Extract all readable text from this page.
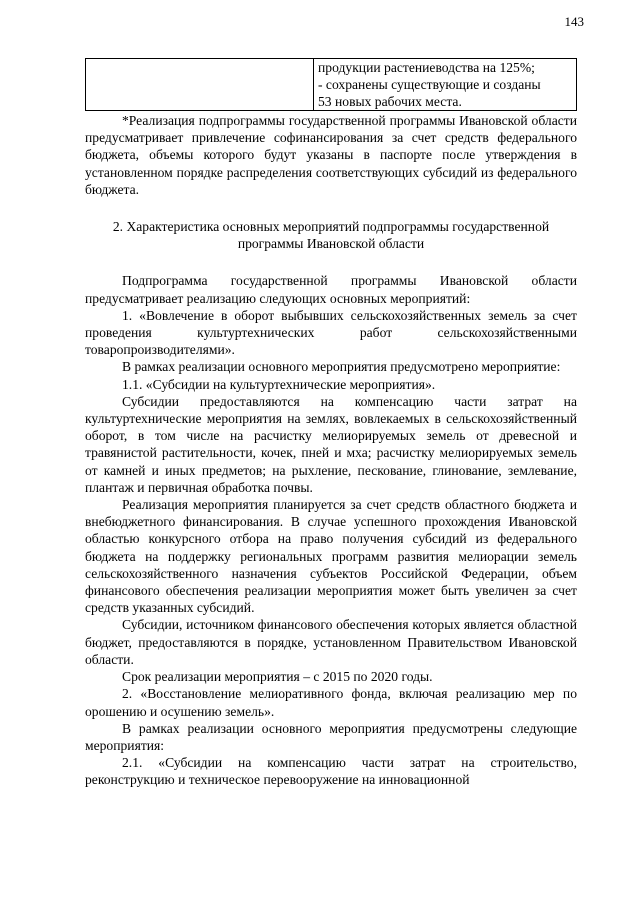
143

продукции растениеводства на 125%;
- сохранены существующие и созданы
53 новых рабочих места.

*Реализация подпрограммы государственной программы Ивановской области предусматривает привлечение софинансирования за счет средств федерального бюджета, объемы которого будут указаны в паспорте после утверждения в установленном порядке распределения соответствующих субсидий из федерального бюджета.

2. Характеристика основных мероприятий подпрограммы государственной программы Ивановской области

Подпрограмма государственной программы Ивановской области предусматривает реализацию следующих основных мероприятий:

1. «Вовлечение в оборот выбывших сельскохозяйственных земель за счет проведения культуртехнических работ сельскохозяйственными товаропроизводителями».

В рамках реализации основного мероприятия предусмотрено мероприятие:

1.1. «Субсидии на культуртехнические мероприятия».

Субсидии предоставляются на компенсацию части затрат на культуртехнические мероприятия на землях, вовлекаемых в сельскохозяйственный оборот, в том числе на расчистку мелиорируемых земель от древесной и травянистой растительности, кочек, пней и мха; расчистку мелиорируемых земель от камней и иных предметов; на рыхление, пескование, глинование, землевание, плантаж и первичная обработка почвы.

Реализация мероприятия планируется за счет средств областного бюджета и внебюджетного финансирования. В случае успешного прохождения Ивановской областью конкурсного отбора на право получения субсидий из федерального бюджета на поддержку региональных программ развития мелиорации земель сельскохозяйственного назначения субъектов Российской Федерации, объем финансового обеспечения реализации мероприятия может быть увеличен за счет средств указанных субсидий.

Субсидии, источником финансового обеспечения которых является областной бюджет, предоставляются в порядке, установленном Правительством Ивановской области.

Срок реализации мероприятия – с 2015 по 2020 годы.

2. «Восстановление мелиоративного фонда, включая реализацию мер по орошению и осушению земель».

В рамках реализации основного мероприятия предусмотрены следующие мероприятия:

2.1. «Субсидии на компенсацию части затрат на строительство, реконструкцию и техническое перевооружение на инновационной
